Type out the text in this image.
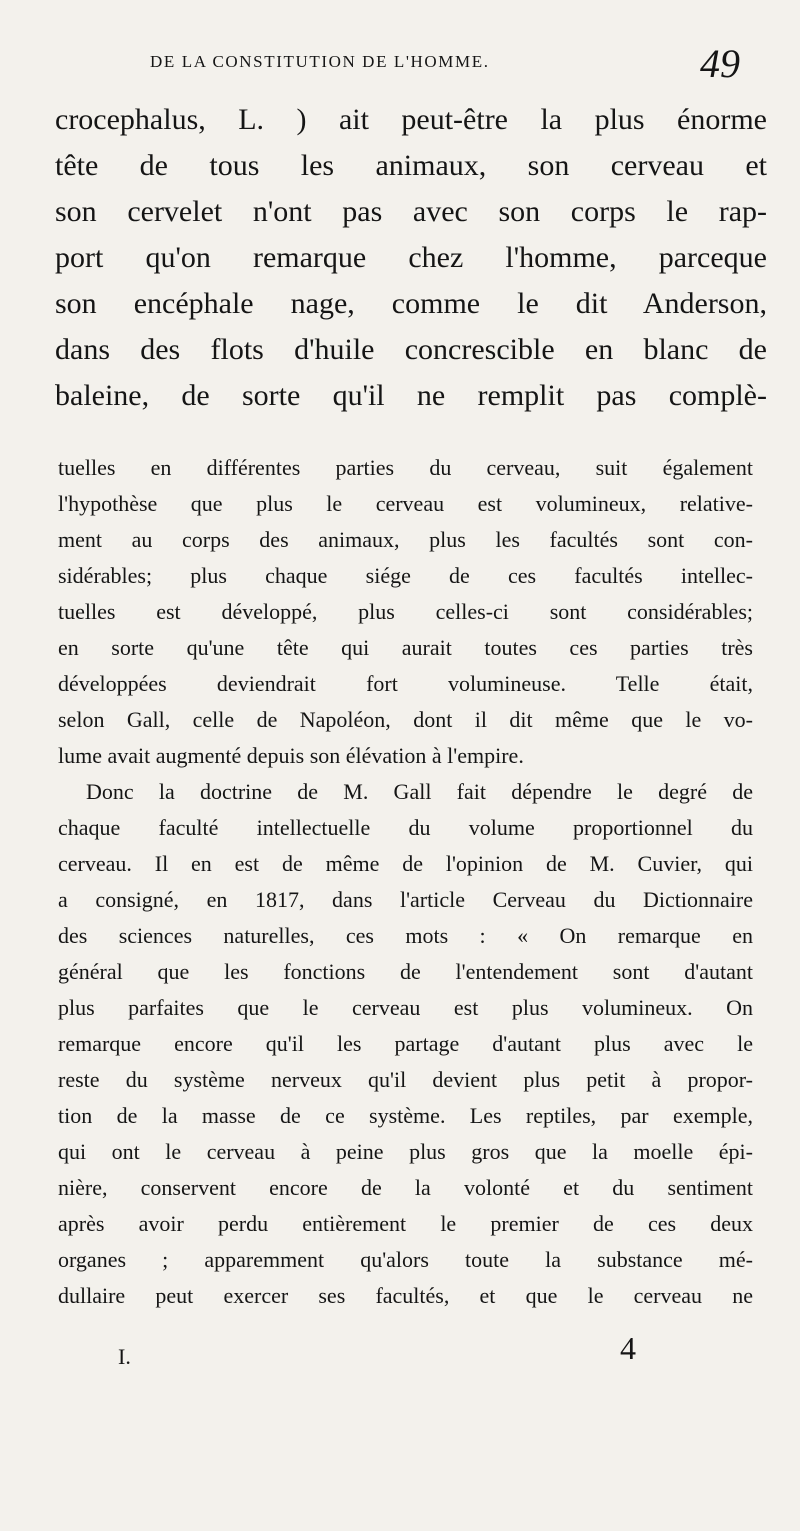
DE LA CONSTITUTION DE L'HOMME.	49
crocephalus, L. ) ait peut-être la plus énorme
tête de tous les animaux, son cerveau et
son cervelet n'ont pas avec son corps le rap-
port qu'on remarque chez l'homme, parceque
son encéphale nage, comme le dit Anderson,
dans des flots d'huile concrescible en blanc de
baleine, de sorte qu'il ne remplit pas complè-
tuelles en différentes parties du cerveau, suit également
l'hypothèse que plus le cerveau est volumineux, relative-
ment au corps des animaux, plus les facultés sont con-
sidérables; plus chaque siége de ces facultés intellec-
tuelles est développé, plus celles-ci sont considérables;
en sorte qu'une tête qui aurait toutes ces parties très
développées deviendrait fort volumineuse. Telle était,
selon Gall, celle de Napoléon, dont il dit même que le vo-
lume avait augmenté depuis son élévation à l'empire.
Donc la doctrine de M. Gall fait dépendre le degré de
chaque faculté intellectuelle du volume proportionnel du
cerveau. Il en est de même de l'opinion de M. Cuvier, qui
a consigné, en 1817, dans l'article Cerveau du Dictionnaire
des sciences naturelles, ces mots : « On remarque en
général que les fonctions de l'entendement sont d'autant
plus parfaites que le cerveau est plus volumineux. On
remarque encore qu'il les partage d'autant plus avec le
reste du système nerveux qu'il devient plus petit à propor-
tion de la masse de ce système. Les reptiles, par exemple,
qui ont le cerveau à peine plus gros que la moelle épi-
nière, conservent encore de la volonté et du sentiment
après avoir perdu entièrement le premier de ces deux
organes ; apparemment qu'alors toute la substance mé-
dullaire peut exercer ses facultés, et que le cerveau ne
I.	4
